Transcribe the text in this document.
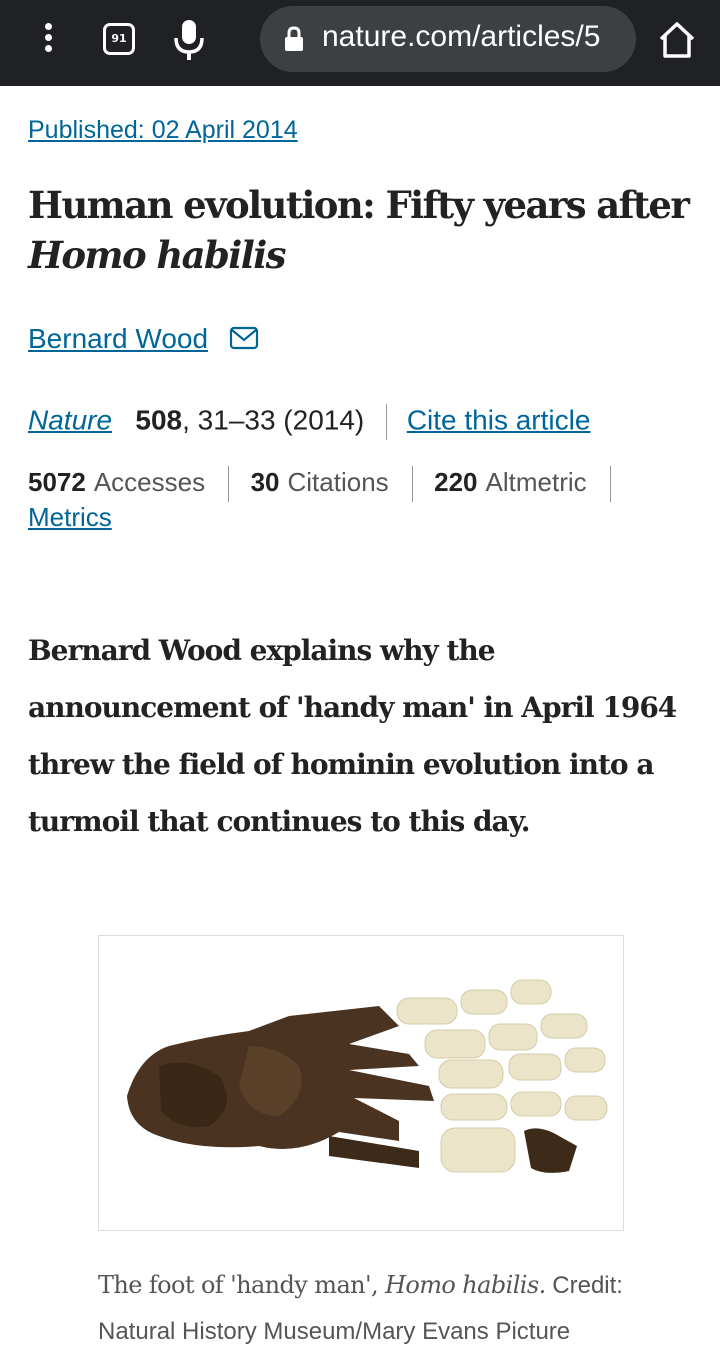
91	nature.com/articles/5
Published: 02 April 2014
Human evolution: Fifty years after
Homo habilis
Bernard Wood
Nature 508, 31–33 (2014) Cite this article
5072 Accesses 30 Citations 220 Altmetric
Metrics

Bernard Wood explains why the announcement of 'handy man' in April 1964 threw the field of hominin evolution into a turmoil that continues to this day.

The foot of 'handy man', Homo habilis. Credit: Natural History Museum/Mary Evans Picture
